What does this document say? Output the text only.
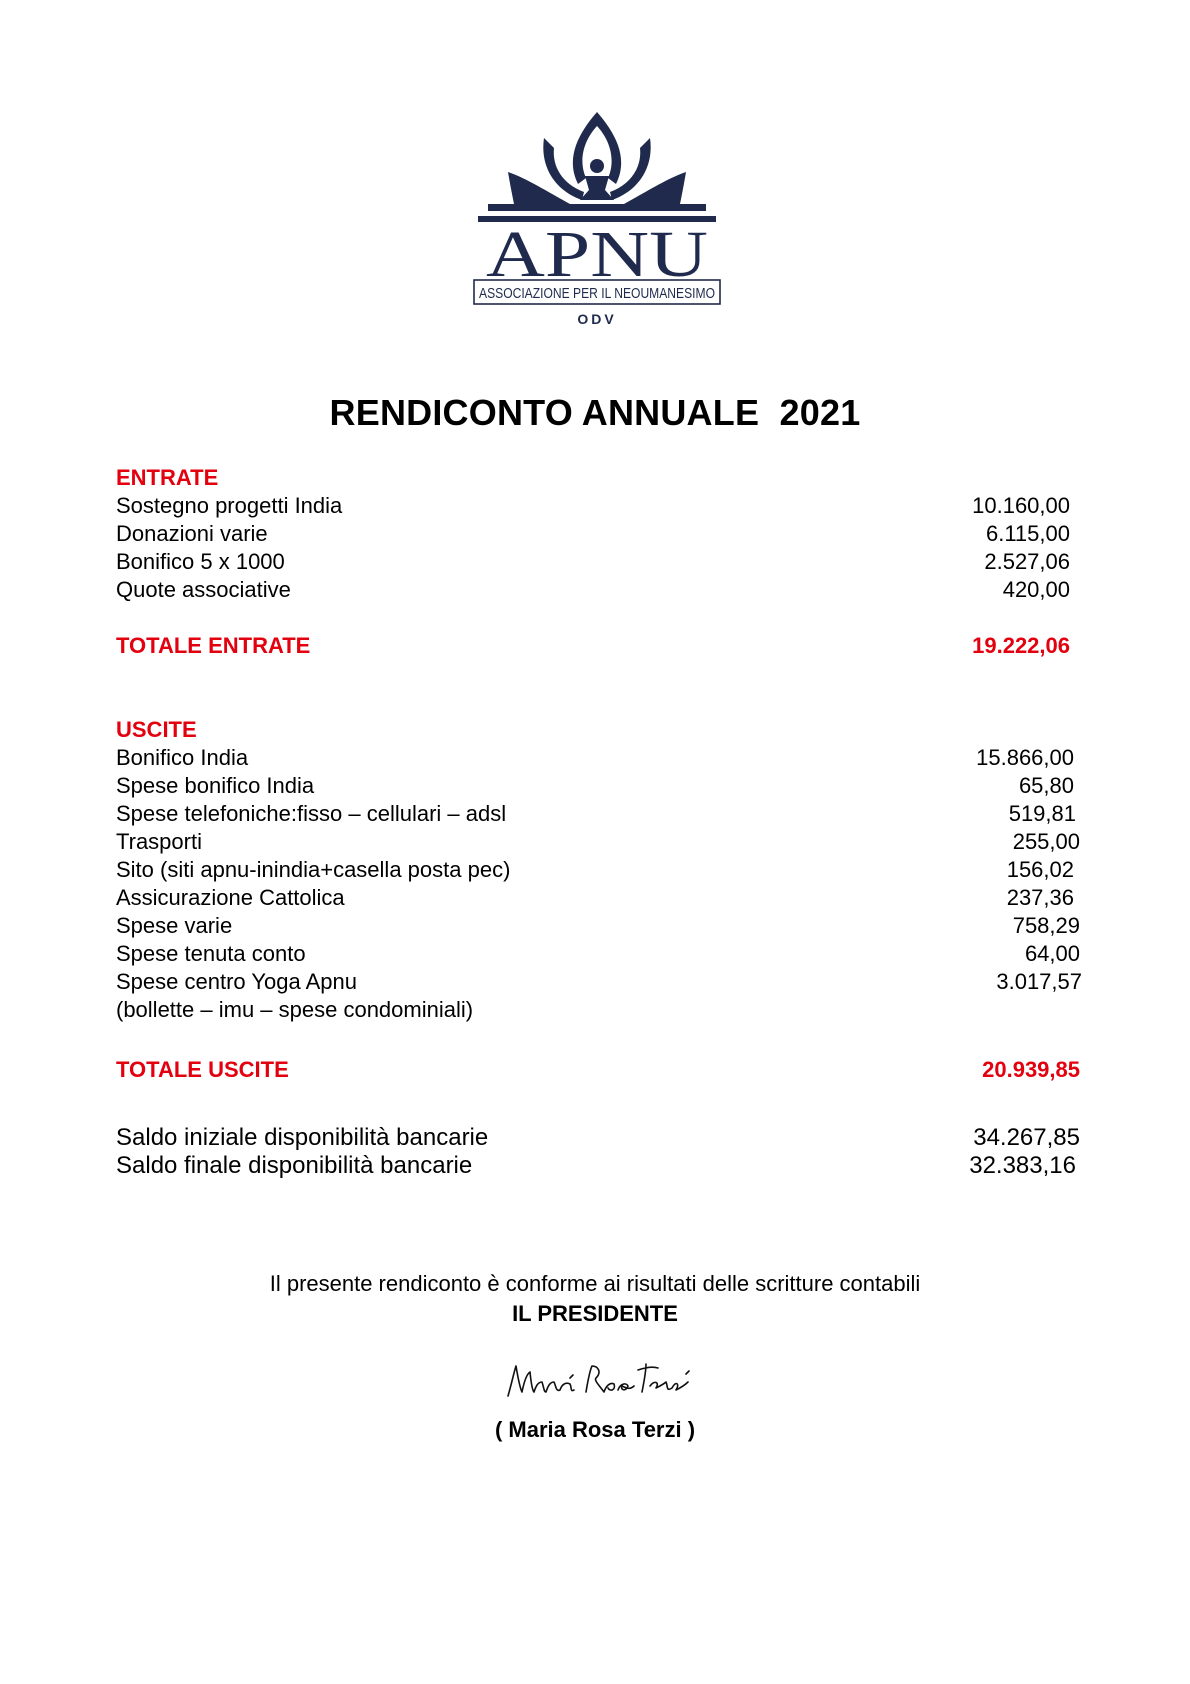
APNU
ASSOCIAZIONE PER IL NEOUMANESIMO
ODV
RENDICONTO ANNUALE  2021
ENTRATE
Sostegno progetti India	10.160,00
Donazioni varie	6.115,00
Bonifico 5 x 1000	2.527,06
Quote associative	420,00
TOTALE ENTRATE	19.222,06
USCITE
Bonifico India	15.866,00
Spese bonifico India	65,80
Spese telefoniche:fisso – cellulari – adsl	519,81
Trasporti	255,00
Sito (siti apnu-inindia+casella posta pec)	156,02
Assicurazione Cattolica	237,36
Spese varie	758,29
Spese tenuta conto	64,00
Spese centro Yoga Apnu	3.017,57
(bollette – imu – spese condominiali)
TOTALE USCITE	20.939,85
Saldo iniziale disponibilità bancarie	34.267,85
Saldo finale disponibilità bancarie	32.383,16
Il presente rendiconto è conforme ai risultati delle scritture contabili
IL PRESIDENTE
( Maria Rosa Terzi )
